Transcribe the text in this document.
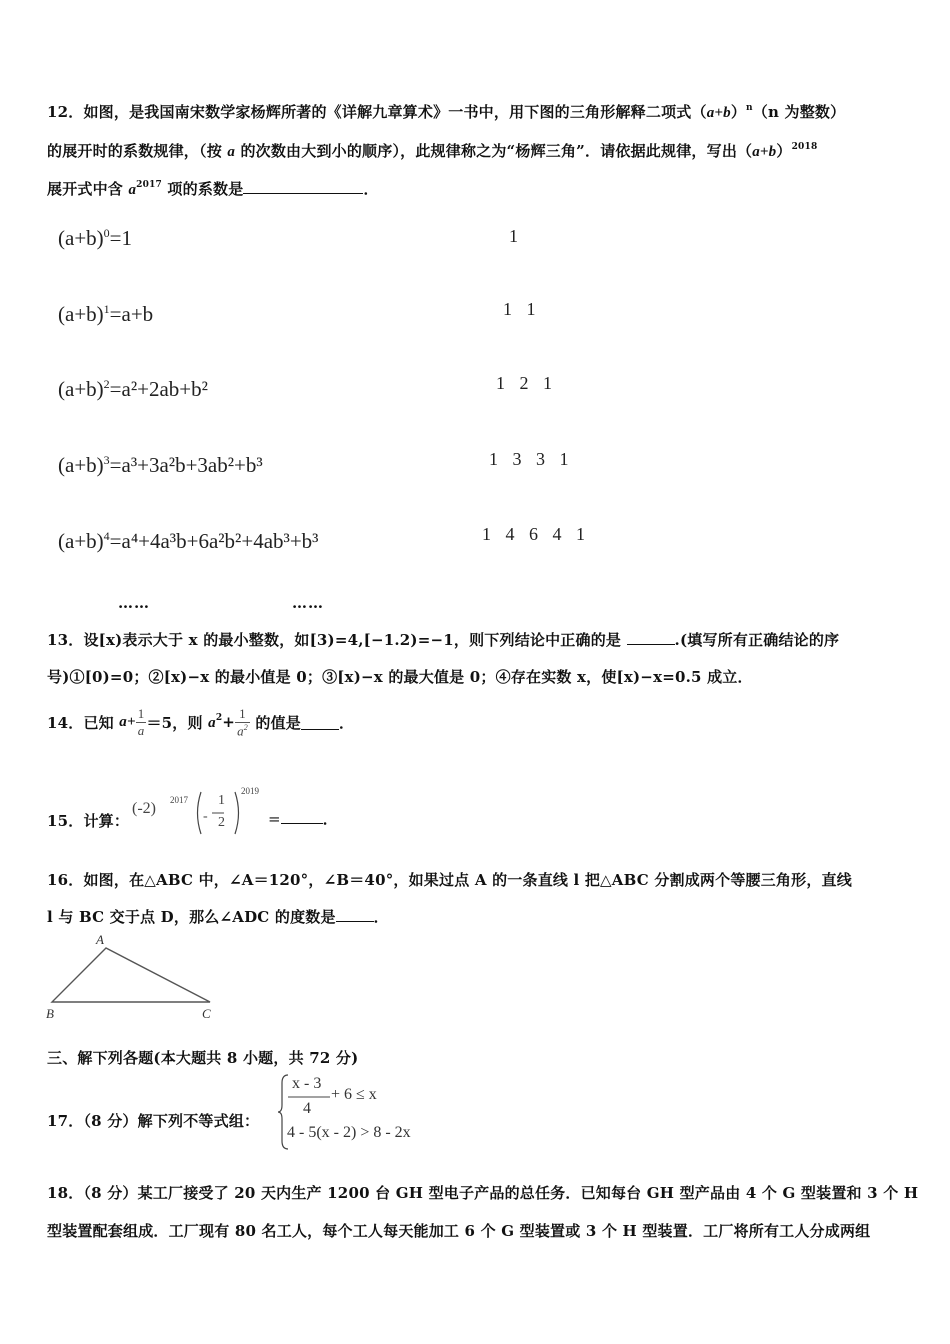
12．如图，是我国南宋数学家杨辉所著的《详解九章算术》一书中，用下图的三角形解释二项式$(a+b)^n(n$ 为整数）
的展开时的系数规律，（按 a 的次数由大到小的顺序），此规律称之为“杨辉三角”．请依据此规律，写出$(a+b)^{2018}$
展开式中含 $a^{2017}$ 项的系数是	．
$(a+b)^0=1$	1
$(a+b)^1=a+b$	1 1
$(a+b)^2=a^2+2ab+b^2$	1 2 1
$(a+b)^3=a^3+3a^2b+3ab^2+b^3$	1 3 3 1
$(a+b)^4=a^4+4a^3b+6a^2b^2+4ab^3+b^3$	1 4 6 4 1
……	……
13．设[x)表示大于 x 的最小整数，如[3)=4,[−1.2)=−1，则下列结论中正确的是	.(填写所有正确结论的序
号)①[0)=0；②[x)−x 的最小值是 0；③[x)−x 的最大值是 0；④存在实数 x，使[x)−x=0.5 成立．
14．已知 $a+ \frac{1}{a} =5$，则 $a^2+ \frac{1}{a^2}$ 的值是	．
15．计算：
(-2) 2017
-
1
2
2019
=	．
16．如图，在△ABC 中，∠A＝120°，∠B＝40°，如果过点 A 的一条直线 l 把△ABC 分割成两个等腰三角形，直线
l 与 BC 交于点 D，那么∠ADC 的度数是	．
A
B	C
三、解下列各题(本大题共 8 小题，共 72 分)
17．（8 分）解下列不等式组：
x - 3
4
+ 6 ≤ x
4 - 5(x - 2) > 8 - 2x
18．（8 分）某工厂接受了 20 天内生产 1200 台 GH 型电子产品的总任务．已知每台 GH 型产品由 4 个 G 型装置和 3 个 H
型装置配套组成．工厂现有 80 名工人，每个工人每天能加工 6 个 G 型装置或 3 个 H 型装置．工厂将所有工人分成两组
